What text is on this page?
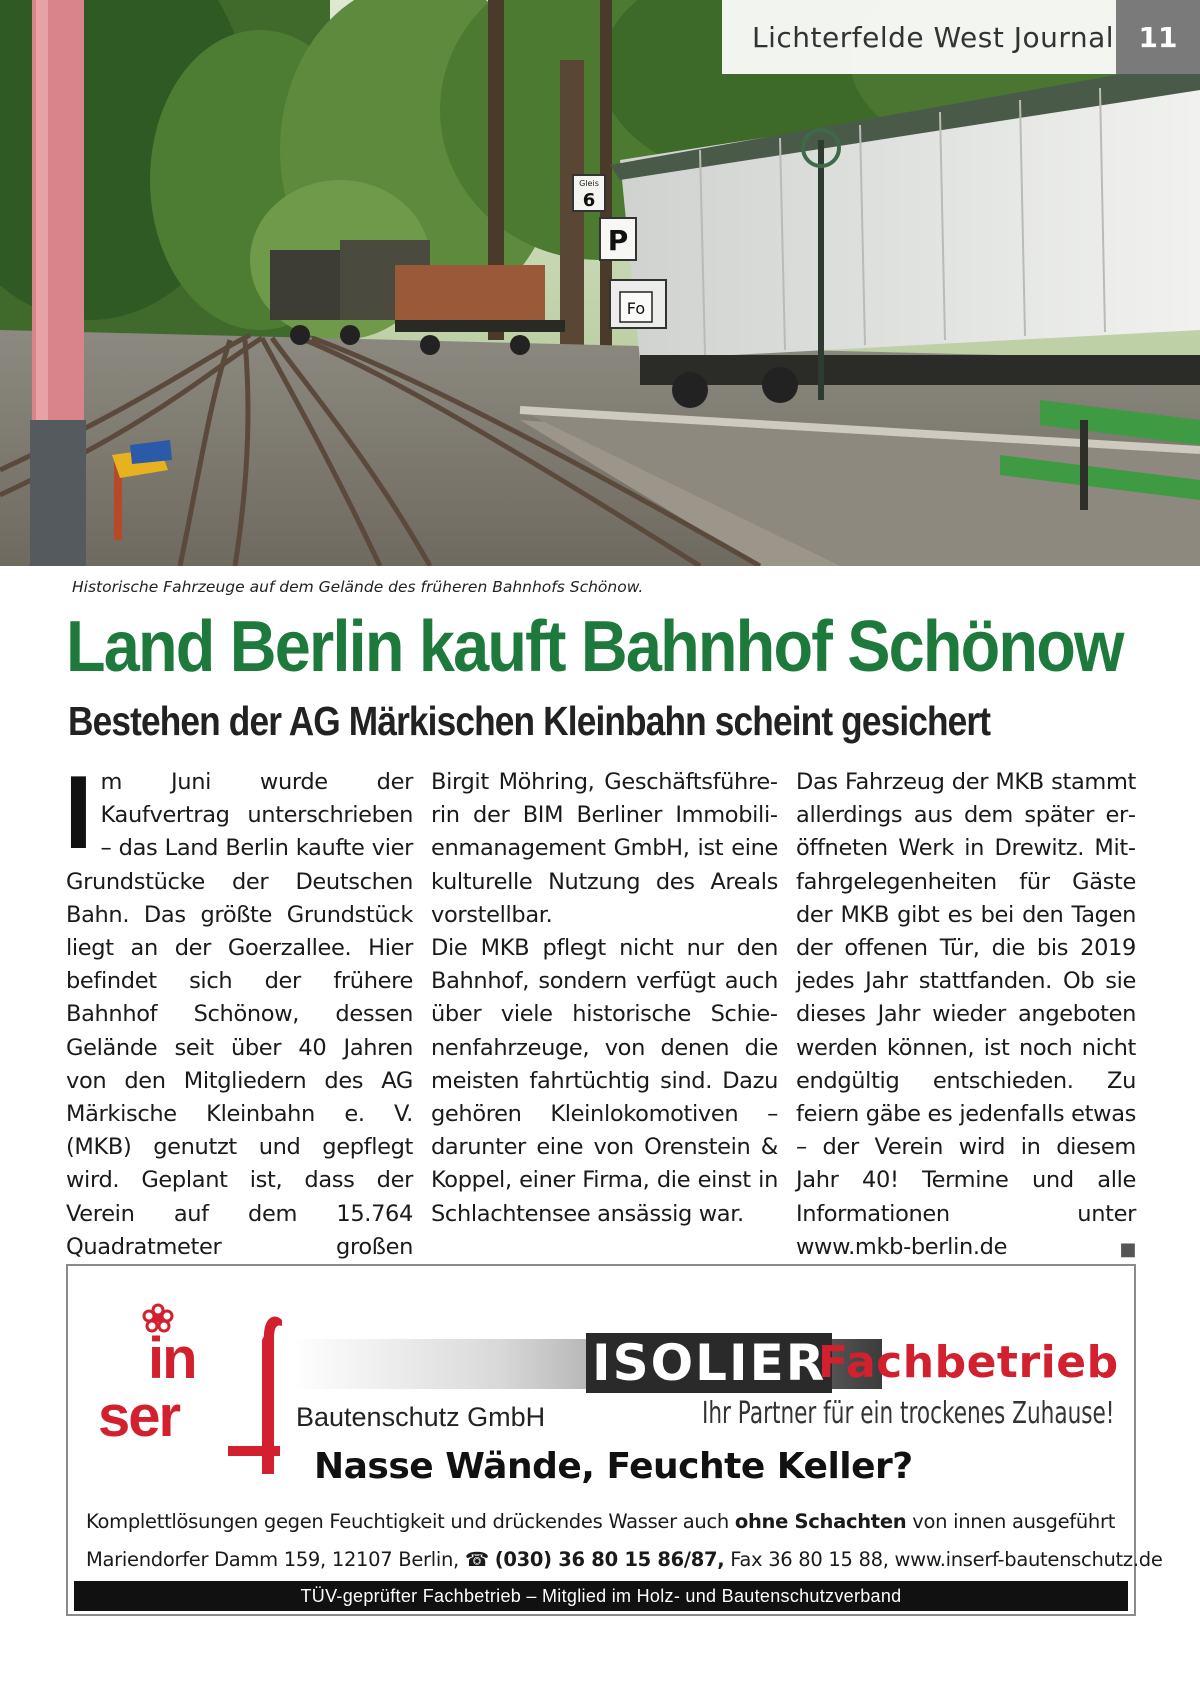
Gleis
6
P
Fo
Lichterfelde West Journal 11
Historische Fahrzeuge auf dem Gelände des früheren Bahnhofs Schönow.
Land Berlin kauft Bahnhof Schönow
Bestehen der AG Märkischen Kleinbahn scheint gesichert

Im Juni wurde der Kaufvertrag unterschrieben – das Land Berlin kaufte vier Grundstücke der Deutschen Bahn. Das größte Grundstück liegt an der Goerzallee. Hier befindet sich der frühere Bahnhof Schönow, dessen Gelände seit über 40 Jahren von den Mitgliedern des AG Märkische Kleinbahn e. V. (MKB) genutzt und gepflegt wird. Geplant ist, dass der Verein auf dem 15.764 Quadratmeter großen

Birgit Möhring, Geschäftsführerin der BIM Berliner Immobilienmanagement GmbH, ist eine kulturelle Nutzung des Areals vorstellbar.

Die MKB pflegt nicht nur den Bahnhof, sondern verfügt auch über viele historische Schienenfahrzeuge, von denen die meisten fahrtüchtig sind. Dazu gehören Kleinlokomotiven – darunter eine von Orenstein & Koppel, einer Firma, die einst in Schlachtensee ansässig war.

Das Fahrzeug der MKB stammt allerdings aus dem später eröffneten Werk in Drewitz. Mitfahrgelegenheiten für Gäste der MKB gibt es bei den Tagen der offenen Tür, die bis 2019 jedes Jahr stattfanden. Ob sie dieses Jahr wieder angeboten werden können, ist noch nicht endgültig entschieden. Zu feiern gäbe es jedenfalls etwas – der Verein wird in diesem Jahr 40! Termine und alle Informationen unter www.mkb-berlin.de	■

in
ser
ISOLIER
Fachbetrieb
Bautenschutz GmbH	Ihr Partner für ein trockenes Zuhause!
Nasse Wände, Feuchte Keller?
Komplettlösungen gegen Feuchtigkeit und drückendes Wasser auch ohne Schachten von innen ausgeführt
Mariendorfer Damm 159, 12107 Berlin, ☎ (030) 36 80 15 86/87, Fax 36 80 15 88, www.inserf-bautenschutz.de
TÜV-geprüfter Fachbetrieb – Mitglied im Holz- und Bautenschutzverband
